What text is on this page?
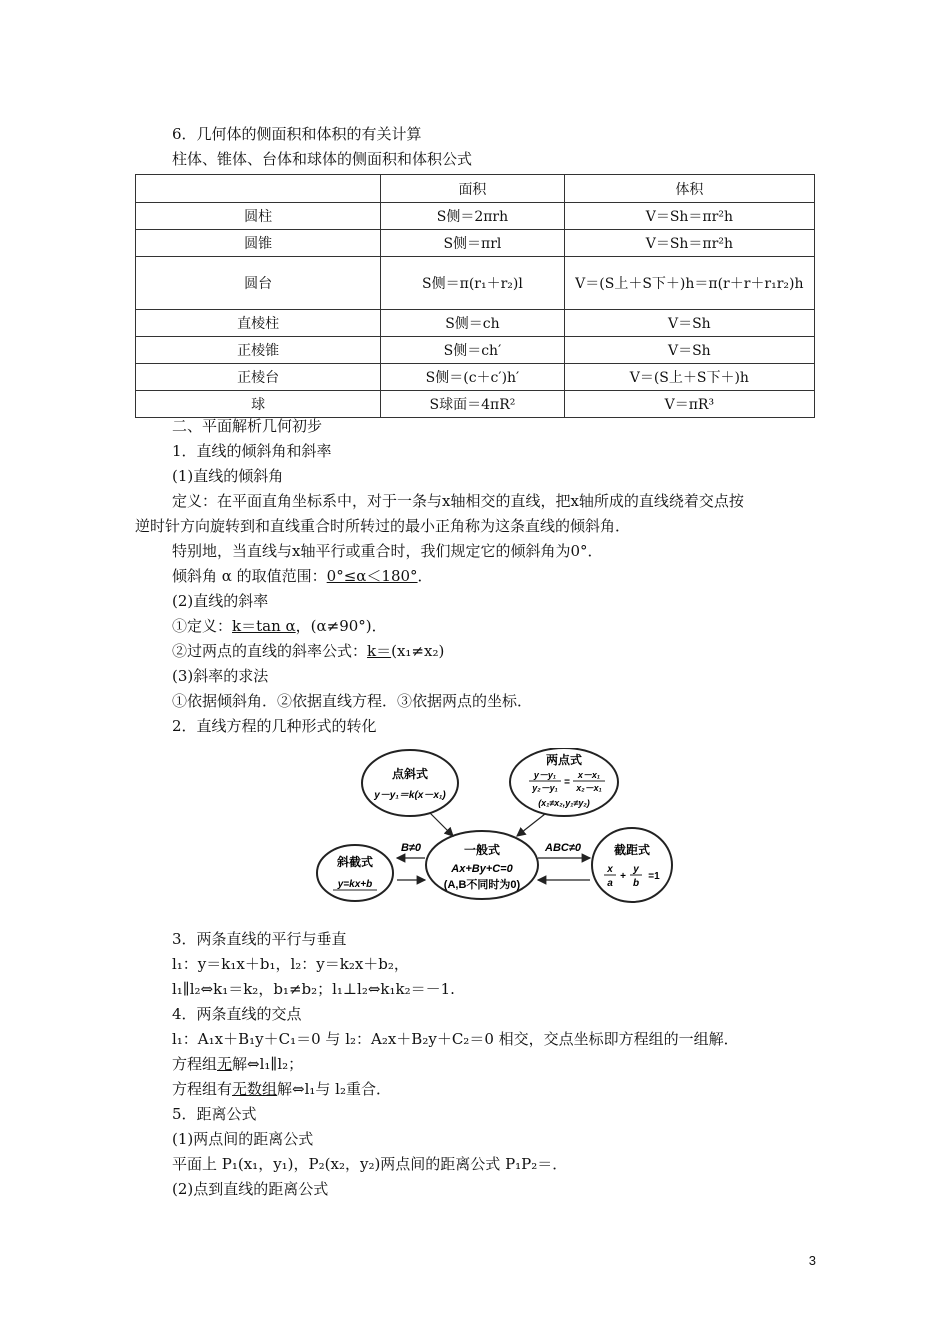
6．几何体的侧面积和体积的有关计算
柱体、锥体、台体和球体的侧面积和体积公式
	面积	体积
圆柱	S侧＝2πrh	V＝Sh＝πr²h
圆锥	S侧＝πrl	V＝Sh＝πr²h
圆台	S侧＝π(r₁＋r₂)l	V＝(S上＋S下＋)h＝π(r＋r＋r₁r₂)h
直棱柱	S侧＝ch	V＝Sh
正棱锥	S侧＝ch′	V＝Sh
正棱台	S侧＝(c＋c′)h′	V＝(S上＋S下＋)h
球	S球面＝4πR²	V＝πR³
二、平面解析几何初步
1．直线的倾斜角和斜率
(1)直线的倾斜角
定义：在平面直角坐标系中，对于一条与x轴相交的直线，把x轴所成的直线绕着交点按
逆时针方向旋转到和直线重合时所转过的最小正角称为这条直线的倾斜角．
特别地，当直线与x轴平行或重合时，我们规定它的倾斜角为0°．
倾斜角 α 的取值范围：0°≤α＜180°．
(2)直线的斜率
①定义：k＝tan α，(α≠90°)．
②过两点的直线的斜率公式：k＝(x₁≠x₂)
(3)斜率的求法
①依据倾斜角．②依据直线方程．③依据两点的坐标．
2．直线方程的几种形式的转化
点斜式
y－y₁＝k(x－x₁)
两点式
y－y₁
y₂－y₁ =
x－x₁
x₂－x₁
(x₁≠x₂,y₁≠y₂)
一般式
Ax+By+C=0
(A,B不同时为0)
斜截式
y=kx+b
截距式
x
a
+
y
b
=1
B≠0	ABC≠0
3．两条直线的平行与垂直
l₁：y＝k₁x＋b₁，l₂：y＝k₂x＋b₂，
l₁∥l₂⇔k₁＝k₂，b₁≠b₂；l₁⊥l₂⇔k₁k₂＝－1.
4．两条直线的交点
l₁：A₁x＋B₁y＋C₁＝0 与 l₂：A₂x＋B₂y＋C₂＝0 相交，交点坐标即方程组的一组解．
方程组无解⇔l₁∥l₂；
方程组有无数组解⇔l₁与 l₂重合．
5．距离公式
(1)两点间的距离公式
平面上 P₁(x₁，y₁)，P₂(x₂，y₂)两点间的距离公式 P₁P₂＝．
(2)点到直线的距离公式
3
